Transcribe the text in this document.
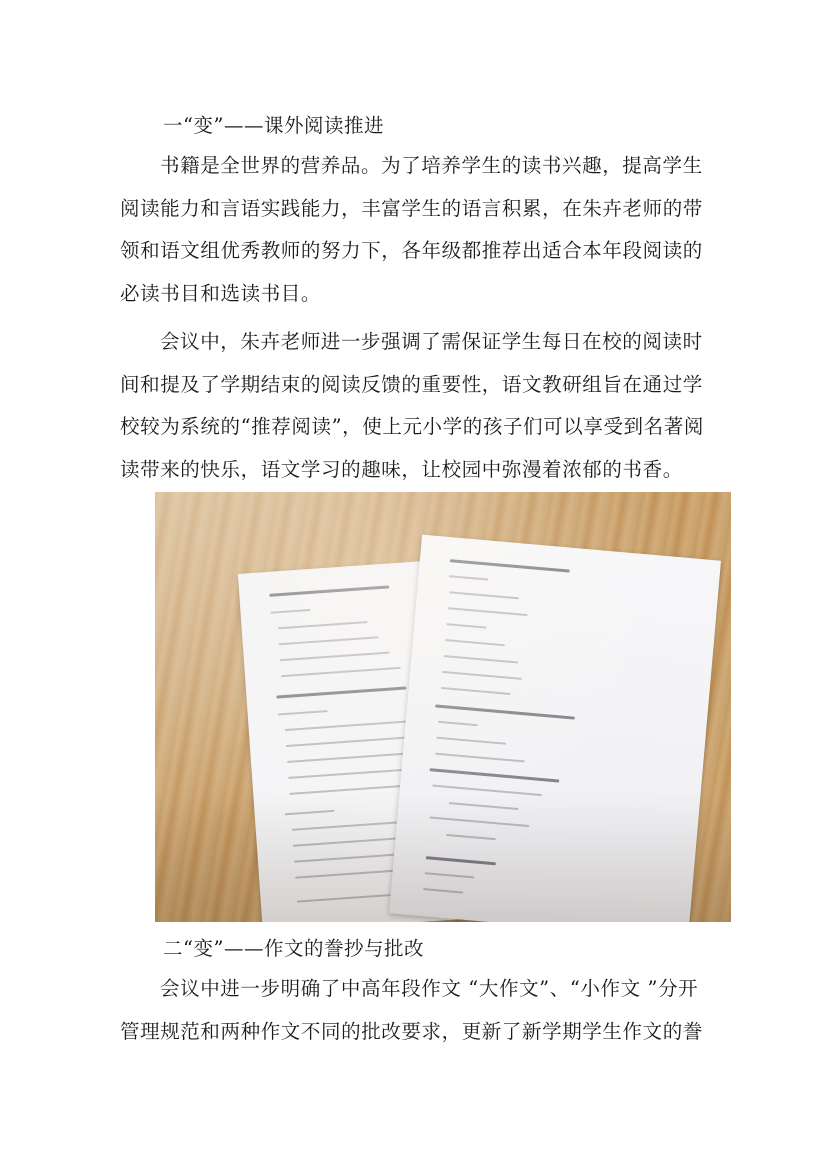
一“变”——课外阅读推进

书籍是全世界的营养品。为了培养学生的读书兴趣，提高学生阅读能力和言语实践能力，丰富学生的语言积累，在朱卉老师的带领和语文组优秀教师的努力下，各年级都推荐出适合本年段阅读的必读书目和选读书目。

会议中，朱卉老师进一步强调了需保证学生每日在校的阅读时间和提及了学期结束的阅读反馈的重要性，语文教研组旨在通过学校较为系统的“推荐阅读”，使上元小学的孩子们可以享受到名著阅读带来的快乐，语文学习的趣味，让校园中弥漫着浓郁的书香。

二“变”——作文的誊抄与批改

会议中进一步明确了中高年段作文 “大作文”、“小作文 ”分开管理规范和两种作文不同的批改要求，更新了新学期学生作文的誊
